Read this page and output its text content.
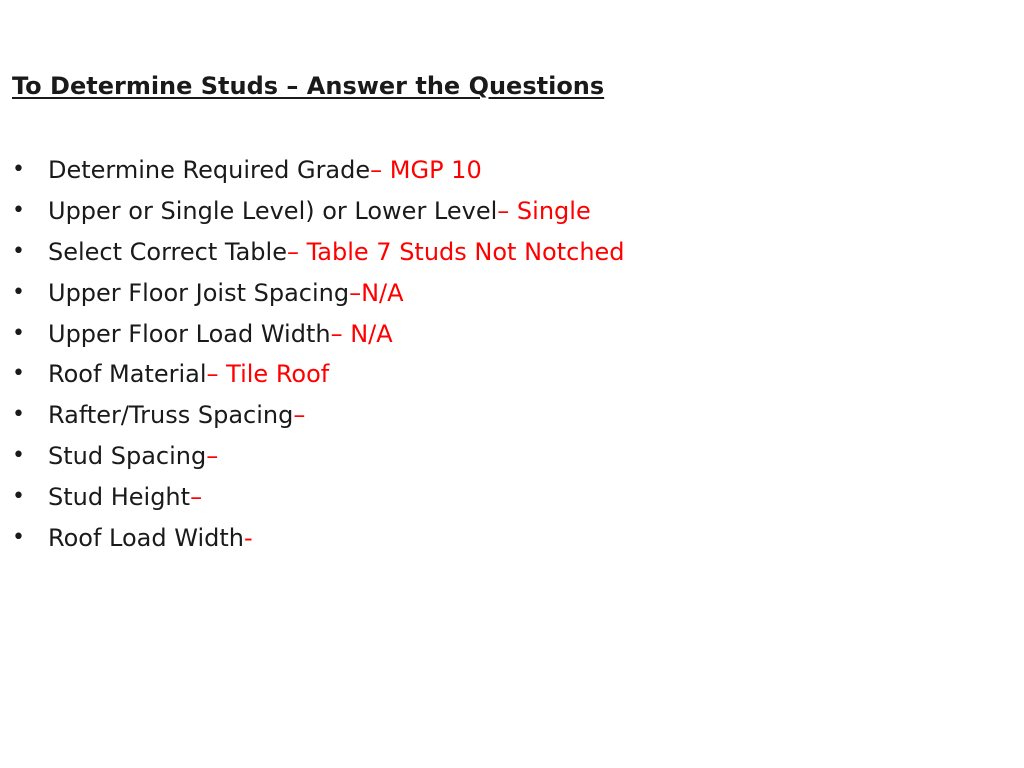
To Determine Studs – Answer the Questions
• Determine Required Grade – MGP 10
• Upper or Single Level) or Lower Level – Single
• Select Correct Table – Table 7 Studs Not Notched
• Upper Floor Joist Spacing –N/A
• Upper Floor Load Width – N/A
• Roof Material – Tile Roof
• Rafter/Truss Spacing –
• Stud Spacing –
• Stud Height –
• Roof Load Width -
